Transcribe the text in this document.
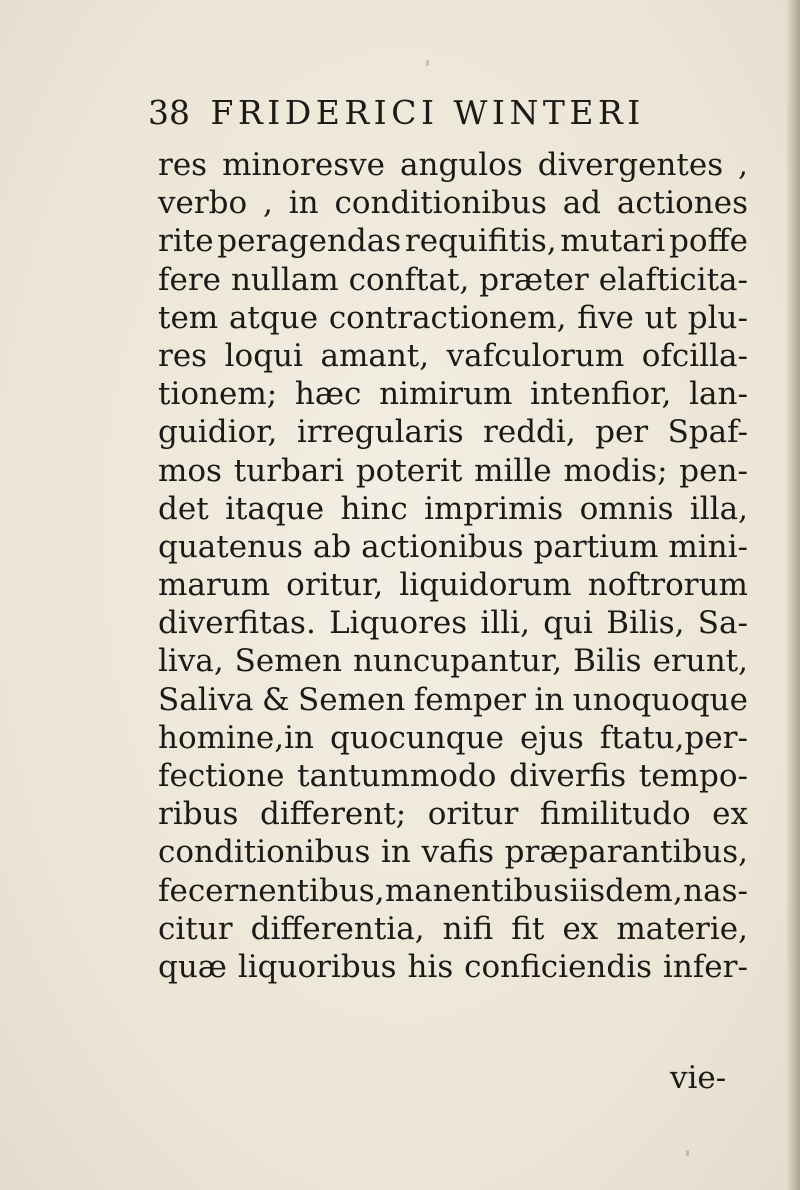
38 FRIDERICI WINTERI
res minoresve angulos divergentes ,
verbo , in conditionibus ad actiones
rite peragendas requifitis, mutari poffe
fere nullam conftat, præter elafticita-
tem atque contractionem, five ut plu-
res loqui amant, vafculorum ofcilla-
tionem; hæc nimirum intenfior, lan-
guidior, irregularis reddi, per Spaf-
mos turbari poterit mille modis; pen-
det itaque hinc imprimis omnis illa,
quatenus ab actionibus partium mini-
marum oritur, liquidorum noftrorum
diverfitas. Liquores illi, qui Bilis, Sa-
liva, Semen nuncupantur, Bilis erunt,
Saliva & Semen femper in unoquoque
homine,in quocunque ejus ftatu,per-
fectione tantummodo diverfis tempo-
ribus different; oritur fimilitudo ex
conditionibus in vafis præparantibus,
fecernentibus, manentibus iisdem , nas-
citur differentia, nifi fit ex materie,
quæ liquoribus his conficiendis infer-
vie-
